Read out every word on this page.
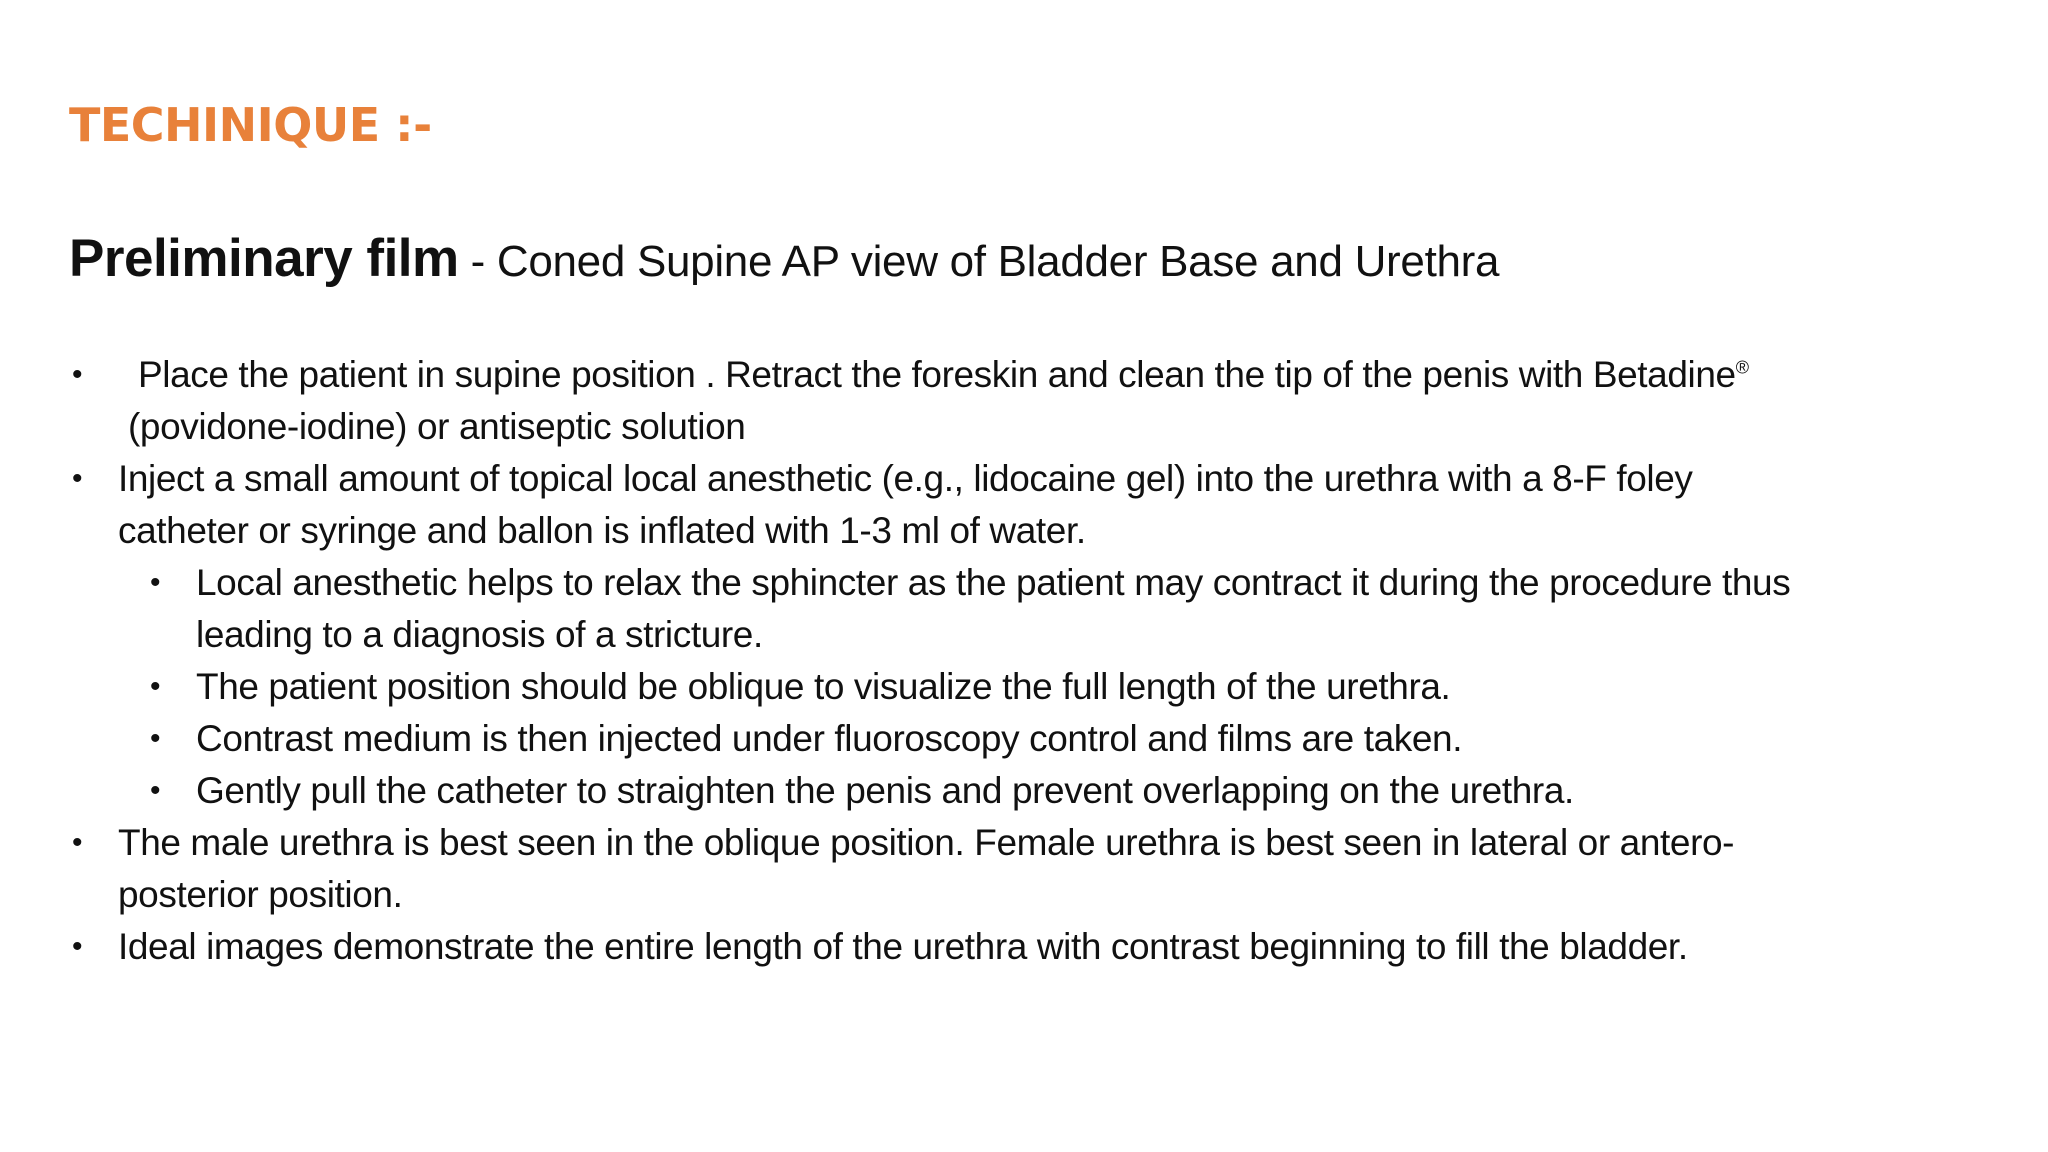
TECHINIQUE :-
Preliminary film - Coned Supine AP view of Bladder Base and Urethra
• Place the patient in supine position . Retract the foreskin and clean the tip of the penis with Betadine®
(povidone-iodine) or antiseptic solution
• Inject a small amount of topical local anesthetic (e.g., lidocaine gel) into the urethra with a 8-F foley
catheter or syringe and ballon is inflated with 1-3 ml of water.
• Local anesthetic helps to relax the sphincter as the patient may contract it during the procedure thus
leading to a diagnosis of a stricture.
• The patient position should be oblique to visualize the full length of the urethra.
• Contrast medium is then injected under fluoroscopy control and films are taken.
• Gently pull the catheter to straighten the penis and prevent overlapping on the urethra.
• The male urethra is best seen in the oblique position. Female urethra is best seen in lateral or antero-
posterior position.
• Ideal images demonstrate the entire length of the urethra with contrast beginning to fill the bladder.
